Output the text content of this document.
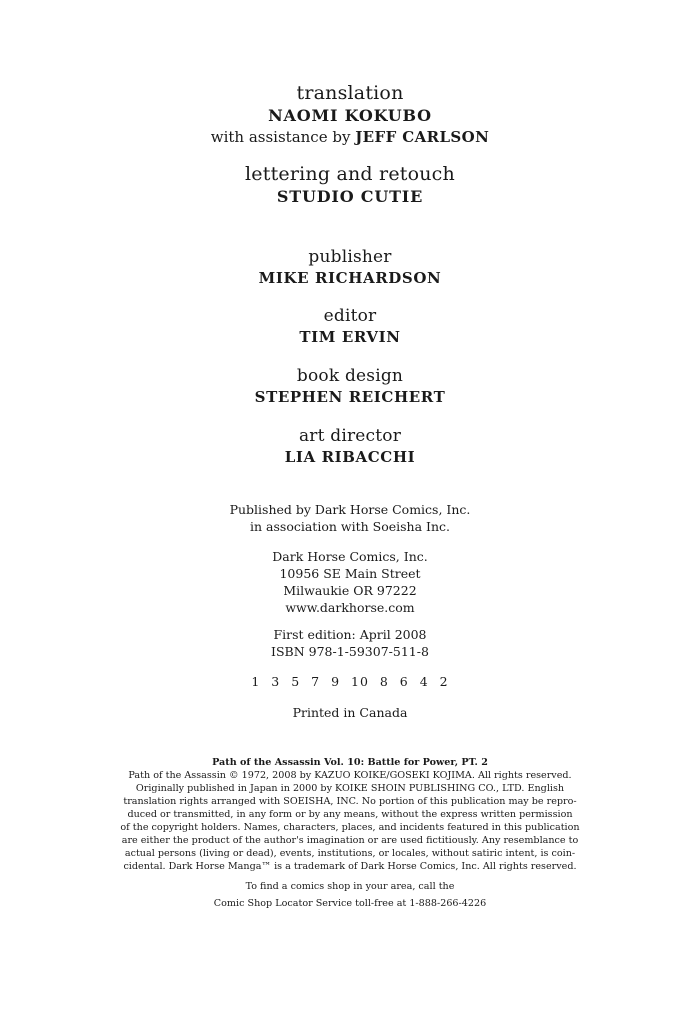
translation
NAOMI KOKUBO
with assistance by JEFF CARLSON
lettering and retouch
STUDIO CUTIE
publisher
MIKE RICHARDSON
editor
TIM ERVIN
book design
STEPHEN REICHERT
art director
LIA RIBACCHI
Published by Dark Horse Comics, Inc.
in association with Soeisha Inc.
Dark Horse Comics, Inc.
10956 SE Main Street
Milwaukie OR 97222
www.darkhorse.com
First edition: April 2008
ISBN 978-1-59307-511-8
1 3 5 7 9 10 8 6 4 2
Printed in Canada
Path of the Assassin Vol. 10: Battle for Power, PT. 2
Path of the Assassin © 1972, 2008 by KAZUO KOIKE/GOSEKI KOJIMA. All rights reserved.
Originally published in Japan in 2000 by KOIKE SHOIN PUBLISHING CO., LTD. English
translation rights arranged with SOEISHA, INC. No portion of this publication may be repro-
duced or transmitted, in any form or by any means, without the express written permission
of the copyright holders. Names, characters, places, and incidents featured in this publication
are either the product of the author's imagination or are used fictitiously. Any resemblance to
actual persons (living or dead), events, institutions, or locales, without satiric intent, is coin-
cidental. Dark Horse Manga™ is a trademark of Dark Horse Comics, Inc. All rights reserved.
To find a comics shop in your area, call the
Comic Shop Locator Service toll-free at 1-888-266-4226
